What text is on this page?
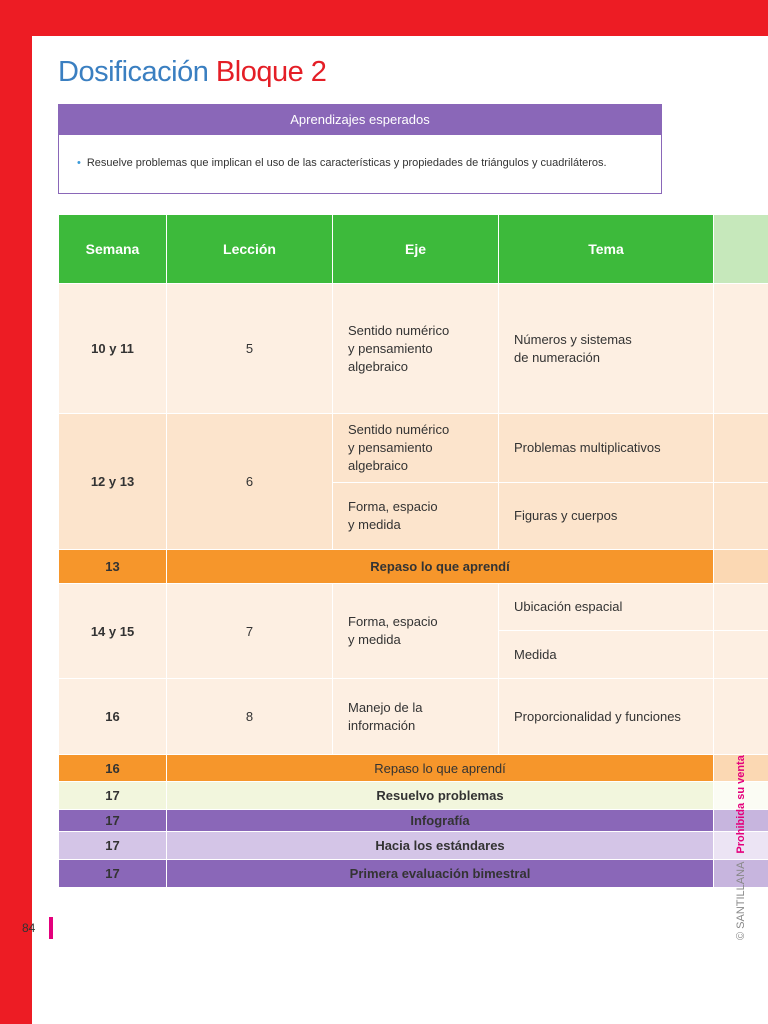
Dosificación Bloque 2
Aprendizajes esperados
• Resuelve problemas que implican el uso de las características y propiedades de triángulos y cuadriláteros.
Semana	Lección	Eje	Tema	
10 y 11	5	Sentido numérico
y pensamiento
algebraico	Números y sistemas
de numeración	
12 y 13	6	Sentido numérico
y pensamiento
algebraico	Problemas multiplicativos	
		Forma, espacio
y medida	Figuras y cuerpos	
13	Repaso lo que aprendí			
14 y 15	7	Forma, espacio
y medida	Ubicación espacial	
			Medida	
16	8	Manejo de la
información	Proporcionalidad y funciones	
16	Repaso lo que aprendí			
17	Resuelvo problemas			
17	Infografía			
17	Hacia los estándares			
17	Primera evaluación bimestral			
84	© SANTILLANAProhibida su venta
